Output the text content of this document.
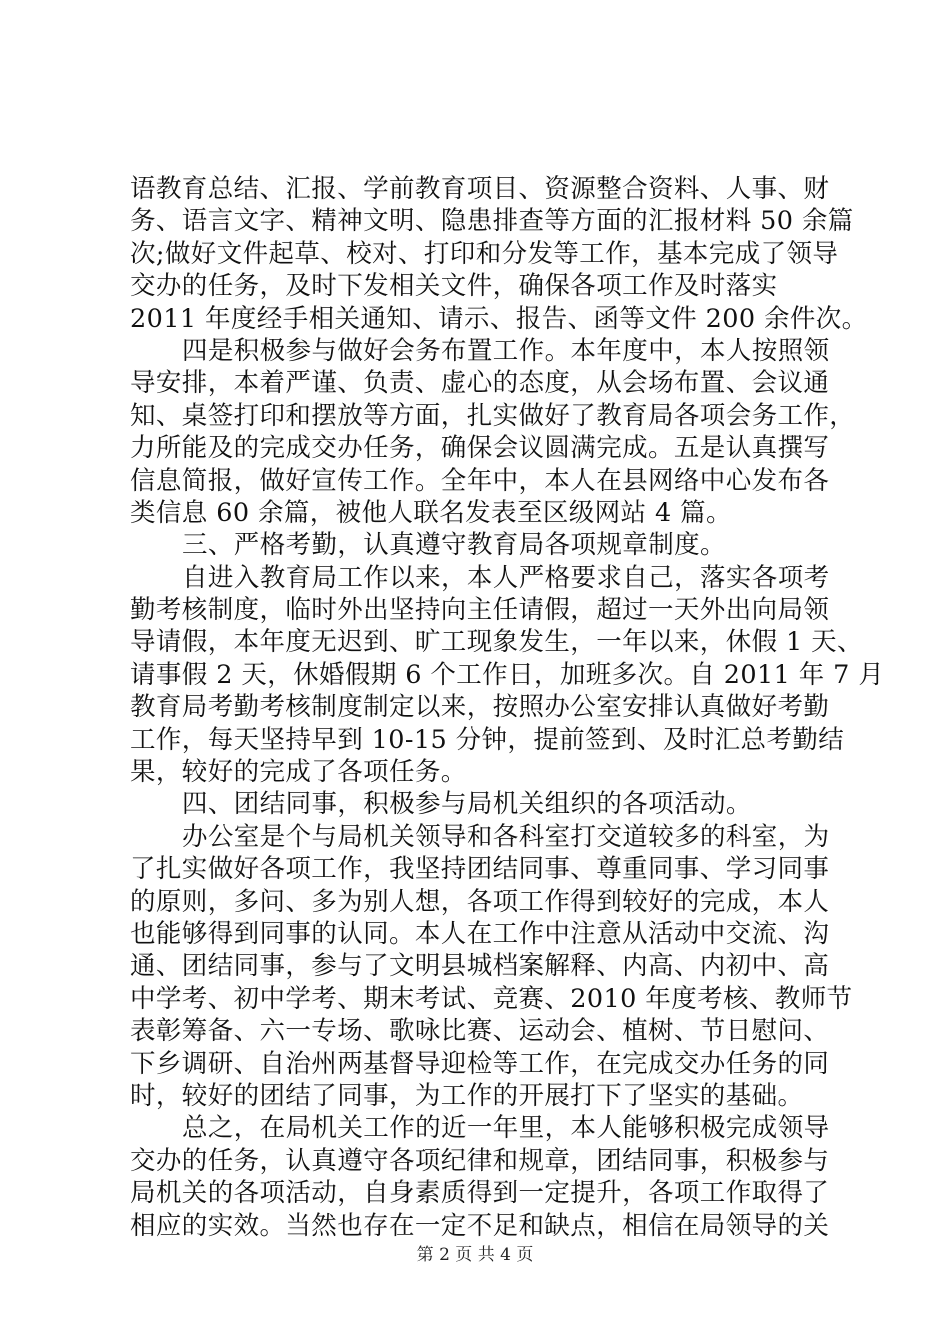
语教育总结、汇报、学前教育项目、资源整合资料、人事、财
务、语言文字、精神文明、隐患排查等方面的汇报材料 50 余篇
次;做好文件起草、校对、打印和分发等工作，基本完成了领导
交办的任务，及时下发相关文件，确保各项工作及时落实
2011 年度经手相关通知、请示、报告、函等文件 200 余件次。
四是积极参与做好会务布置工作。本年度中，本人按照领
导安排，本着严谨、负责、虚心的态度，从会场布置、会议通
知、桌签打印和摆放等方面，扎实做好了教育局各项会务工作，
力所能及的完成交办任务，确保会议圆满完成。五是认真撰写
信息简报，做好宣传工作。全年中，本人在县网络中心发布各
类信息 60 余篇，被他人联名发表至区级网站 4 篇。
三、严格考勤，认真遵守教育局各项规章制度。
自进入教育局工作以来，本人严格要求自己，落实各项考
勤考核制度，临时外出坚持向主任请假，超过一天外出向局领
导请假，本年度无迟到、旷工现象发生，一年以来，休假 1 天、
请事假 2 天，休婚假期 6 个工作日，加班多次。自 2011 年 7 月
教育局考勤考核制度制定以来，按照办公室安排认真做好考勤
工作，每天坚持早到 10-15 分钟，提前签到、及时汇总考勤结
果，较好的完成了各项任务。
四、团结同事，积极参与局机关组织的各项活动。
办公室是个与局机关领导和各科室打交道较多的科室，为
了扎实做好各项工作，我坚持团结同事、尊重同事、学习同事
的原则，多问、多为别人想，各项工作得到较好的完成，本人
也能够得到同事的认同。本人在工作中注意从活动中交流、沟
通、团结同事，参与了文明县城档案解释、内高、内初中、高
中学考、初中学考、期末考试、竞赛、2010 年度考核、教师节
表彰筹备、六一专场、歌咏比赛、运动会、植树、节日慰问、
下乡调研、自治州两基督导迎检等工作，在完成交办任务的同
时，较好的团结了同事，为工作的开展打下了坚实的基础。
总之，在局机关工作的近一年里，本人能够积极完成领导
交办的任务，认真遵守各项纪律和规章，团结同事，积极参与
局机关的各项活动，自身素质得到一定提升，各项工作取得了
相应的实效。当然也存在一定不足和缺点，相信在局领导的关
第 2 页 共 4 页
